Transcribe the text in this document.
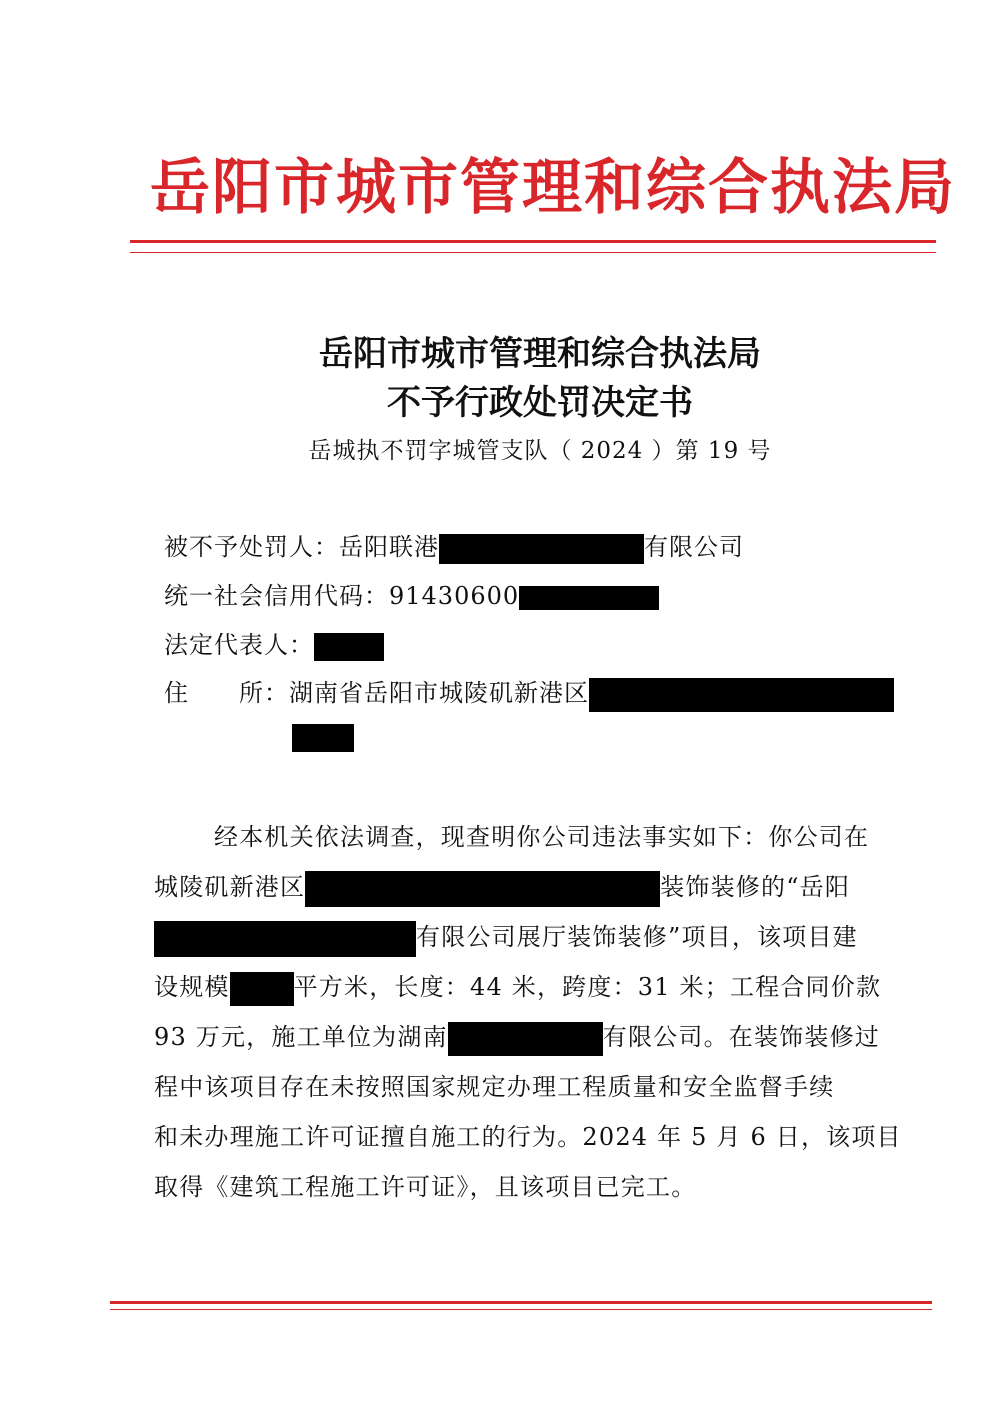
岳阳市城市管理和综合执法局
岳阳市城市管理和综合执法局
不予行政处罚决定书
岳城执不罚字城管支队（ 2024 ）第 19 号
被不予处罚人：岳阳联港	有限公司
统一社会信用代码：91430600
法定代表人：
住　　所：湖南省岳阳市城陵矶新港区
经本机关依法调查，现查明你公司违法事实如下：你公司在
城陵矶新港区	装饰装修的“岳阳
有限公司展厅装饰装修”项目，该项目建
设规模	平方米，长度：44 米，跨度：31 米；工程合同价款
93 万元，施工单位为湖南	有限公司。在装饰装修过
程中该项目存在未按照国家规定办理工程质量和安全监督手续
和未办理施工许可证擅自施工的行为。2024 年 5 月 6 日，该项目
取得《建筑工程施工许可证》，且该项目已完工。
